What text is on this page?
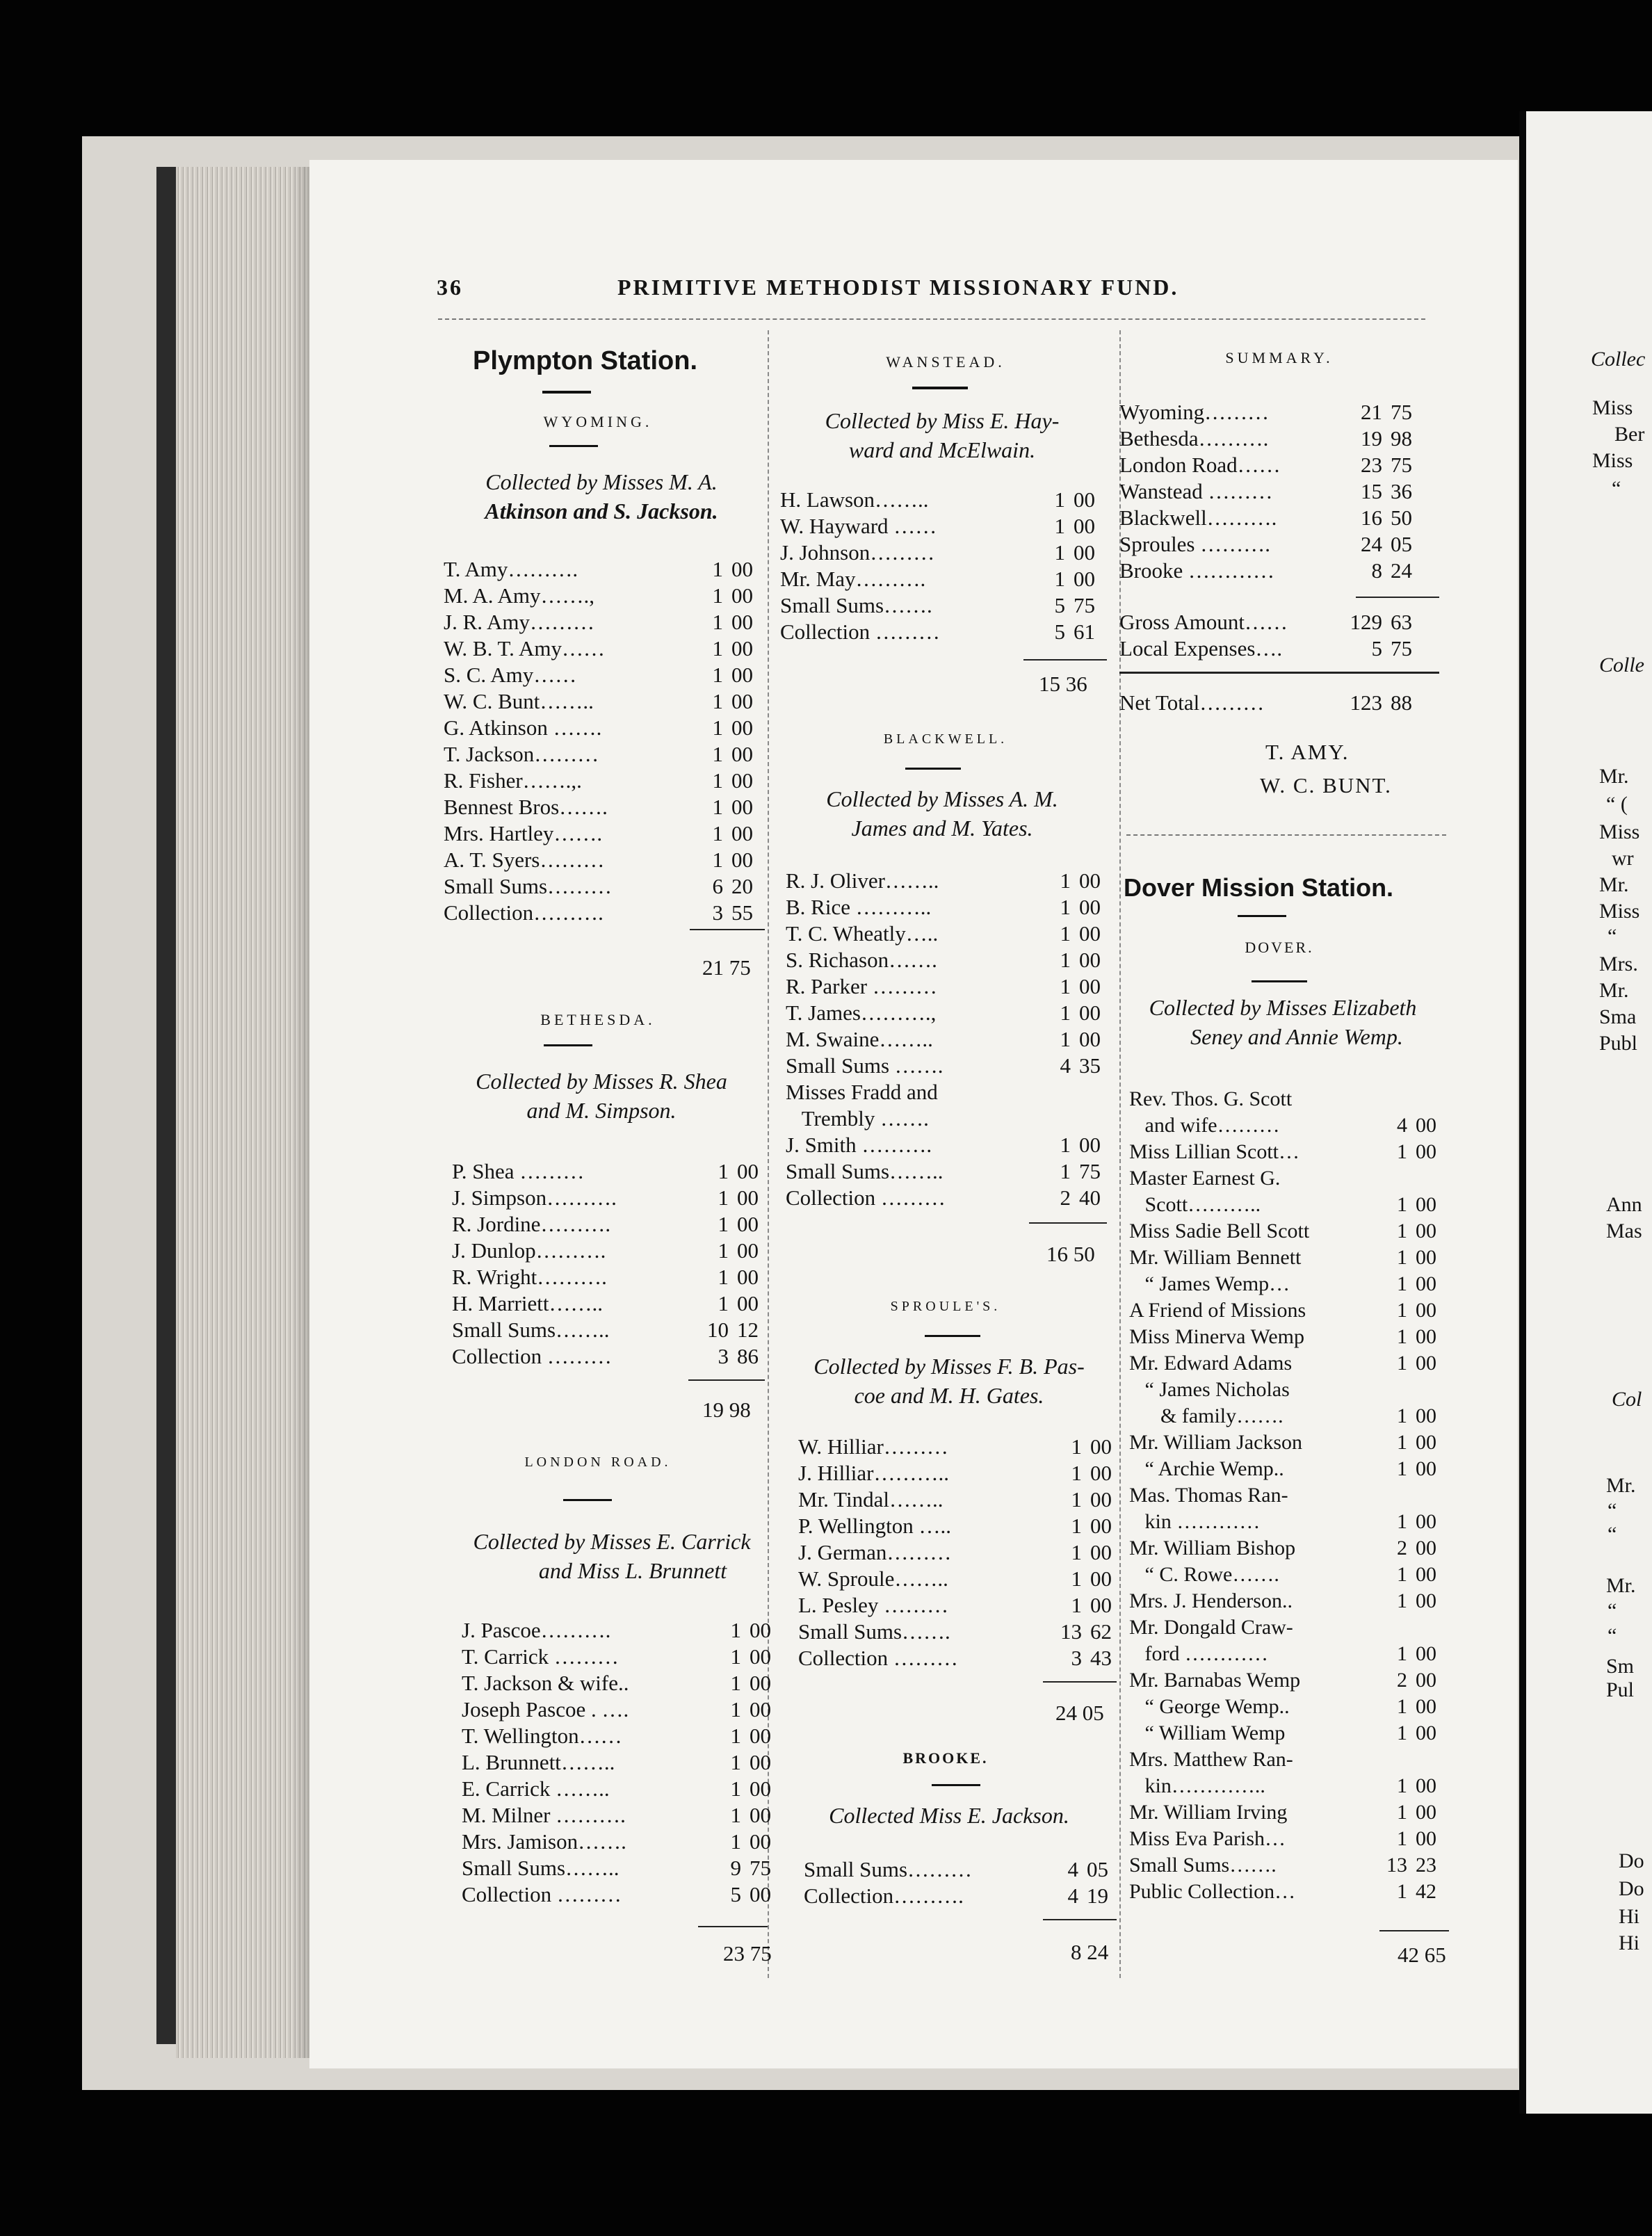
36	PRIMITIVE METHODIST MISSIONARY FUND.
Plympton Station.
WYOMING.
Collected by Misses M. A.
Atkinson and S. Jackson.
T. Amy……….	1 00
M. A. Amy…….,	1 00
J. R. Amy………	1 00
W. B. T. Amy……	1 00
S. C. Amy……	1 00
W. C. Bunt……..	1 00
G. Atkinson …….	1 00
T. Jackson………	1 00
R. Fisher…….,.	1 00
Bennest Bros…….	1 00
Mrs. Hartley…….	1 00
A. T. Syers………	1 00
Small Sums………	6 20
Collection……….	3 55
21 75
BETHESDA.
Collected by Misses R. Shea
and M. Simpson.
P. Shea ………	1 00
J. Simpson……….	1 00
R. Jordine……….	1 00
J. Dunlop……….	1 00
R. Wright……….	1 00
H. Marriett……..	1 00
Small Sums……..	10 12
Collection ………	3 86
19 98
LONDON ROAD.
Collected by Misses E. Carrick
and Miss L. Brunnett
J. Pascoe……….	1 00
T. Carrick ………	1 00
T. Jackson & wife..	1 00
Joseph Pascoe . ….	1 00
T. Wellington……	1 00
L. Brunnett……..	1 00
E. Carrick ……..	1 00
M. Milner ……….	1 00
Mrs. Jamison…….	1 00
Small Sums……..	9 75
Collection ………	5 00
23 75
WANSTEAD.
Collected by Miss E. Hay-
ward and McElwain.
H. Lawson……..	1 00
W. Hayward ……	1 00
J. Johnson………	1 00
Mr. May……….	1 00
Small Sums…….	5 75
Collection ………	5 61
15 36
BLACKWELL.
Collected by Misses A. M.
James and M. Yates.
R. J. Oliver……..	1 00
B. Rice ………..	1 00
T. C. Wheatly…..	1 00
S. Richason…….	1 00
R. Parker ………	1 00
T. James……….,	1 00
M. Swaine……..	1 00
Small Sums …….	4 35
Misses Fradd and
Trembly …….
J. Smith ……….	1 00
Small Sums……..	1 75
Collection ………	2 40
16 50
SPROULE'S.
Collected by Misses F. B. Pas-
coe and M. H. Gates.
W. Hilliar………	1 00
J. Hilliar………..	1 00
Mr. Tindal……..	1 00
P. Wellington …..	1 00
J. German………	1 00
W. Sproule……..	1 00
L. Pesley ………	1 00
Small Sums…….	13 62
Collection ………	3 43
24 05
BROOKE.
Collected Miss E. Jackson.
Small Sums………	4 05
Collection……….	4 19
8 24
SUMMARY.
Wyoming………	21 75
Bethesda……….	19 98
London Road……	23 75
Wanstead ………	15 36
Blackwell……….	16 50
Sproules ……….	24 05
Brooke …………	8 24
Gross Amount……	129 63
Local Expenses….	5 75
Net Total………	123 88
T. AMY.
W. C. BUNT.
Dover Mission Station.
DOVER.
Collected by Misses Elizabeth
Seney and Annie Wemp.
Rev. Thos. G. Scott
and wife………	4 00
Miss Lillian Scott…	1 00
Master Earnest G.
Scott………..	1 00
Miss Sadie Bell Scott	1 00
Mr. William Bennett	1 00
“ James Wemp…	1 00
A Friend of Missions	1 00
Miss Minerva Wemp	1 00
Mr. Edward Adams	1 00
“ James Nicholas
& family…….	1 00
Mr. William Jackson	1 00
“ Archie Wemp..	1 00
Mas. Thomas Ran-
kin …………	1 00
Mr. William Bishop	2 00
“ C. Rowe…….	1 00
Mrs. J. Henderson..	1 00
Mr. Dongald Craw-
ford …………	1 00
Mr. Barnabas Wemp	2 00
“ George Wemp..	1 00
“ William Wemp	1 00
Mrs. Matthew Ran-
kin…………..	1 00
Mr. William Irving	1 00
Miss Eva Parish…	1 00
Small Sums…….	13 23
Public Collection…	1 42
42 65
Collec
Miss
Ber
Miss
“
Colle
Mr.
“ (
Miss
wr
Mr.
Miss
“
Mrs.
Mr.
Sma
Publ
Ann
Mas
Col
Mr.
“
“
Mr.
“
“
Sm
Pul
Do
Do
Hi
Hi
